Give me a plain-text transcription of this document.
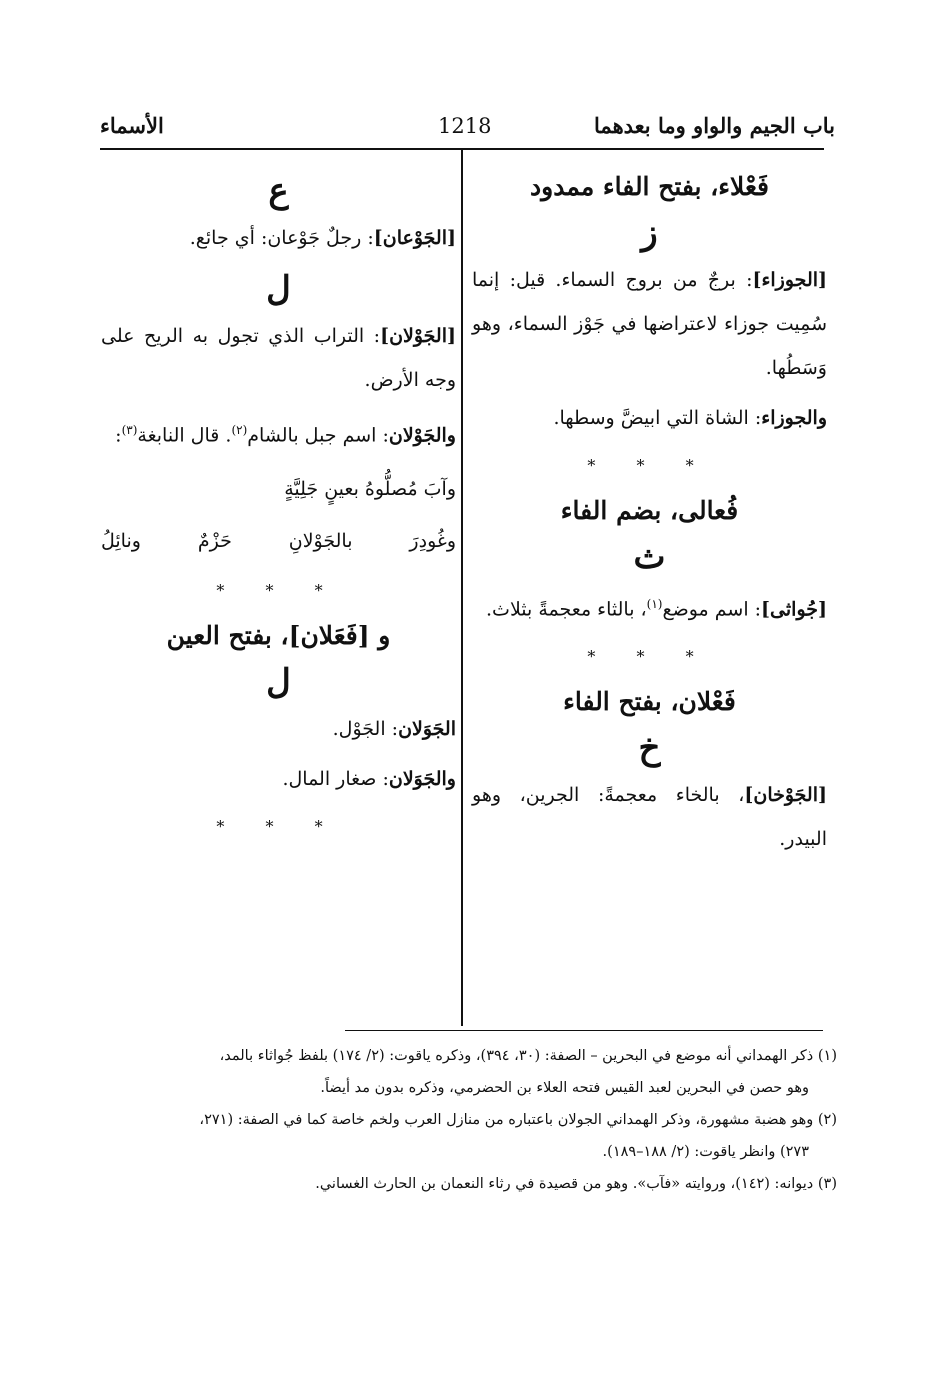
باب الجيم والواو وما بعدهما
1218
الأسماء

فَعْلاء، بفتح الفاء ممدود

ز

[الجوزاء]: برجٌ من بروج السماء. قيل: إنما سُمِيت جوزاء لاعتراضها في جَوْز السماء، وهو وَسَطُها.

والجوزاء: الشاة التي ابيضَّ وسطها.

* * *

فُعالى، بضم الفاء

ث

[جُواثى]: اسم موضع$^{(١)}$، بالثاء معجمةً بثلاث.

* * *

فَعْلان، بفتح الفاء

خ

[الجَوْخان]، بالخاء معجمةً: الجرين، وهو البيدر.

ع

[الجَوْعان]: رجلٌ جَوْعان: أي جائع.

ل

[الجَوْلان]: التراب الذي تجول به الريح على وجه الأرض.

والجَوْلان: اسم جبل بالشام$^{(٢)}$. قال النابغة$^{(٣)}$:

وآبَ مُصلُّوهُ بعينٍ جَلِيَّةٍ

وغُودِرَ بالجَوْلانِ حَزْمٌ ونائِلُ

* * *

و [فَعَلان]، بفتح العين

ل

الجَوَلان: الجَوْل.

والجَوَلان: صغار المال.

* * *

(١) ذكر الهمداني أنه موضع في البحرين – الصفة: (٣٠، ٣٩٤)، وذكره ياقوت: (٢/ ١٧٤) بلفظ جُواثاء بالمد،

وهو حصن في البحرين لعبد القيس فتحه العلاء بن الحضرمي، وذكره بدون مد أيضاً.

(٢) وهو هضبة مشهورة، وذكر الهمداني الجولان باعتباره من منازل العرب ولخم خاصة كما في الصفة: (٢٧١،

٢٧٣) وانظر ياقوت: (٢/ ١٨٨–١٨٩).

(٣) ديوانه: (١٤٢)، وروايته «فآب». وهو من قصيدة في رثاء النعمان بن الحارث الغساني.
